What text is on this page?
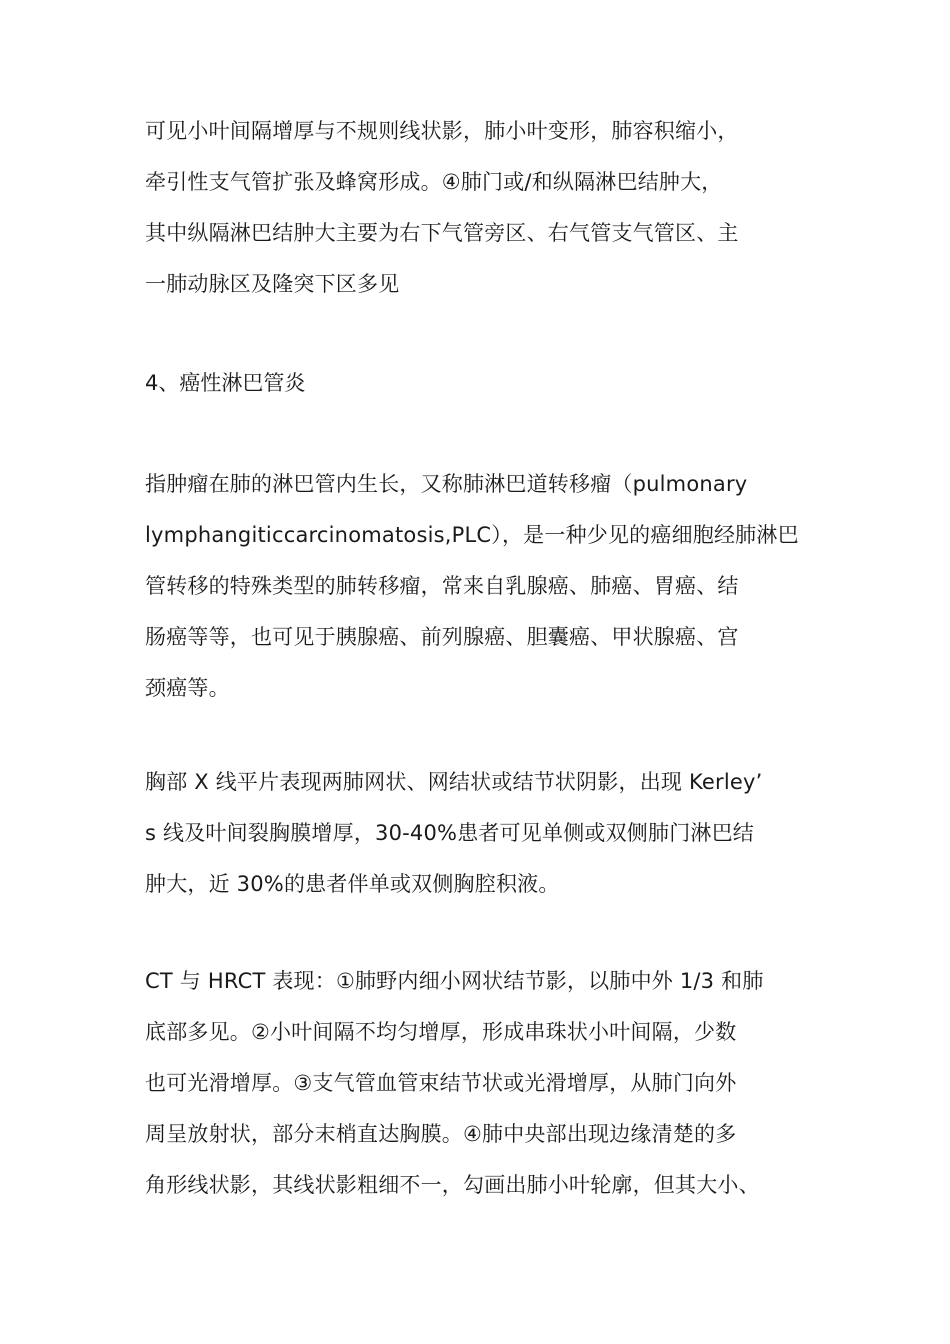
可见小叶间隔增厚与不规则线状影，肺小叶变形，肺容积缩小，
牵引性支气管扩张及蜂窝形成。④肺门或/和纵隔淋巴结肿大，
其中纵隔淋巴结肿大主要为右下气管旁区、右气管支气管区、主
一肺动脉区及隆突下区多见
4、癌性淋巴管炎
指肿瘤在肺的淋巴管内生长，又称肺淋巴道转移瘤（pulmonary
lymphangiticcarcinomatosis,PLC），是一种少见的癌细胞经肺淋巴
管转移的特殊类型的肺转移瘤，常来自乳腺癌、肺癌、胃癌、结
肠癌等等，也可见于胰腺癌、前列腺癌、胆囊癌、甲状腺癌、宫
颈癌等。
胸部 X 线平片表现两肺网状、网结状或结节状阴影，出现 Kerley’
s 线及叶间裂胸膜增厚，30-40%患者可见单侧或双侧肺门淋巴结
肿大，近 30%的患者伴单或双侧胸腔积液。
CT 与 HRCT 表现：①肺野内细小网状结节影，以肺中外 1/3 和肺
底部多见。②小叶间隔不均匀增厚，形成串珠状小叶间隔，少数
也可光滑增厚。③支气管血管束结节状或光滑增厚，从肺门向外
周呈放射状，部分末梢直达胸膜。④肺中央部出现边缘清楚的多
角形线状影，其线状影粗细不一，勾画出肺小叶轮廓，但其大小、
